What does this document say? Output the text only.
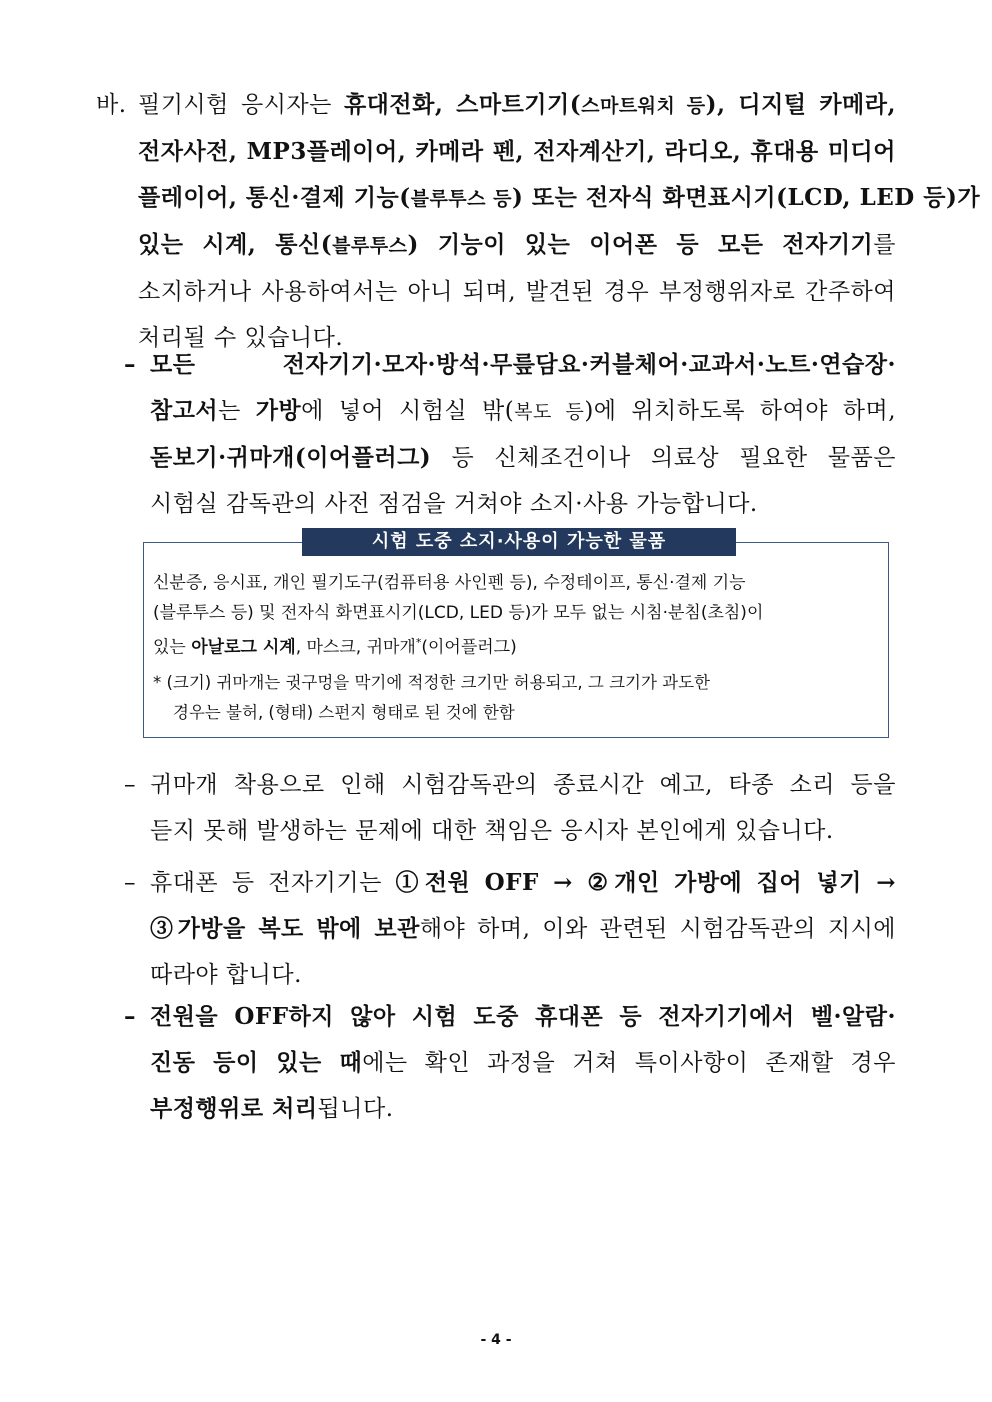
바. 필기시험 응시자는 휴대전화, 스마트기기(스마트워치 등), 디지털 카메라,
전자사전, MP3플레이어, 카메라 펜, 전자계산기, 라디오, 휴대용 미디어
플레이어, 통신·결제 기능(블루투스 등) 또는 전자식 화면표시기(LCD, LED 등)가
있는 시계, 통신(블루투스) 기능이 있는 이어폰 등 모든 전자기기를
소지하거나 사용하여서는 아니 되며, 발견된 경우 부정행위자로 간주하여
처리될 수 있습니다.
– 모든 전자기기·모자·방석·무릎담요·커블체어·교과서·노트·연습장·
참고서는 가방에 넣어 시험실 밖(복도 등)에 위치하도록 하여야 하며,
돋보기·귀마개(이어플러그) 등 신체조건이나 의료상 필요한 물품은
시험실 감독관의 사전 점검을 거쳐야 소지·사용 가능합니다.
시험 도중 소지·사용이 가능한 물품
신분증, 응시표, 개인 필기도구(컴퓨터용 사인펜 등), 수정테이프, 통신·결제 기능
(블루투스 등) 및 전자식 화면표시기(LCD, LED 등)가 모두 없는 시침·분침(초침)이
있는 아날로그 시계, 마스크, 귀마개*(이어플러그)
* (크기) 귀마개는 귓구멍을 막기에 적정한 크기만 허용되고, 그 크기가 과도한
경우는 불허, (형태) 스펀지 형태로 된 것에 한함
– 귀마개 착용으로 인해 시험감독관의 종료시간 예고, 타종 소리 등을
듣지 못해 발생하는 문제에 대한 책임은 응시자 본인에게 있습니다.
– 휴대폰 등 전자기기는 ①전원 OFF → ②개인 가방에 집어 넣기 →
③가방을 복도 밖에 보관해야 하며, 이와 관련된 시험감독관의 지시에
따라야 합니다.
– 전원을 OFF하지 않아 시험 도중 휴대폰 등 전자기기에서 벨·알람·
진동 등이 있는 때에는 확인 과정을 거쳐 특이사항이 존재할 경우
부정행위로 처리됩니다.
- 4 -
